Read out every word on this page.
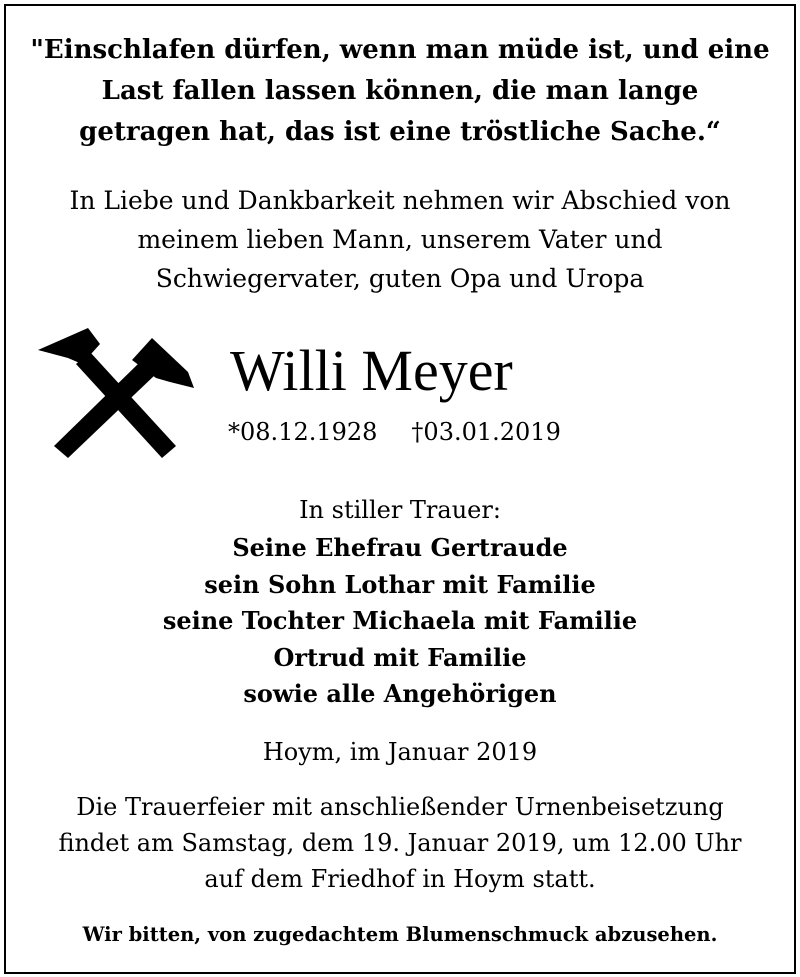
"Einschlafen dürfen, wenn man müde ist, und eine
Last fallen lassen können, die man lange
getragen hat, das ist eine tröstliche Sache.“
In Liebe und Dankbarkeit nehmen wir Abschied von
meinem lieben Mann, unserem Vater und
Schwiegervater, guten Opa und Uropa
Willi Meyer
*08.12.1928 †03.01.2019
In stiller Trauer:
Seine Ehefrau Gertraude
sein Sohn Lothar mit Familie
seine Tochter Michaela mit Familie
Ortrud mit Familie
sowie alle Angehörigen
Hoym, im Januar 2019
Die Trauerfeier mit anschließender Urnenbeisetzung
findet am Samstag, dem 19. Januar 2019, um 12.00 Uhr
auf dem Friedhof in Hoym statt.
Wir bitten, von zugedachtem Blumenschmuck abzusehen.
